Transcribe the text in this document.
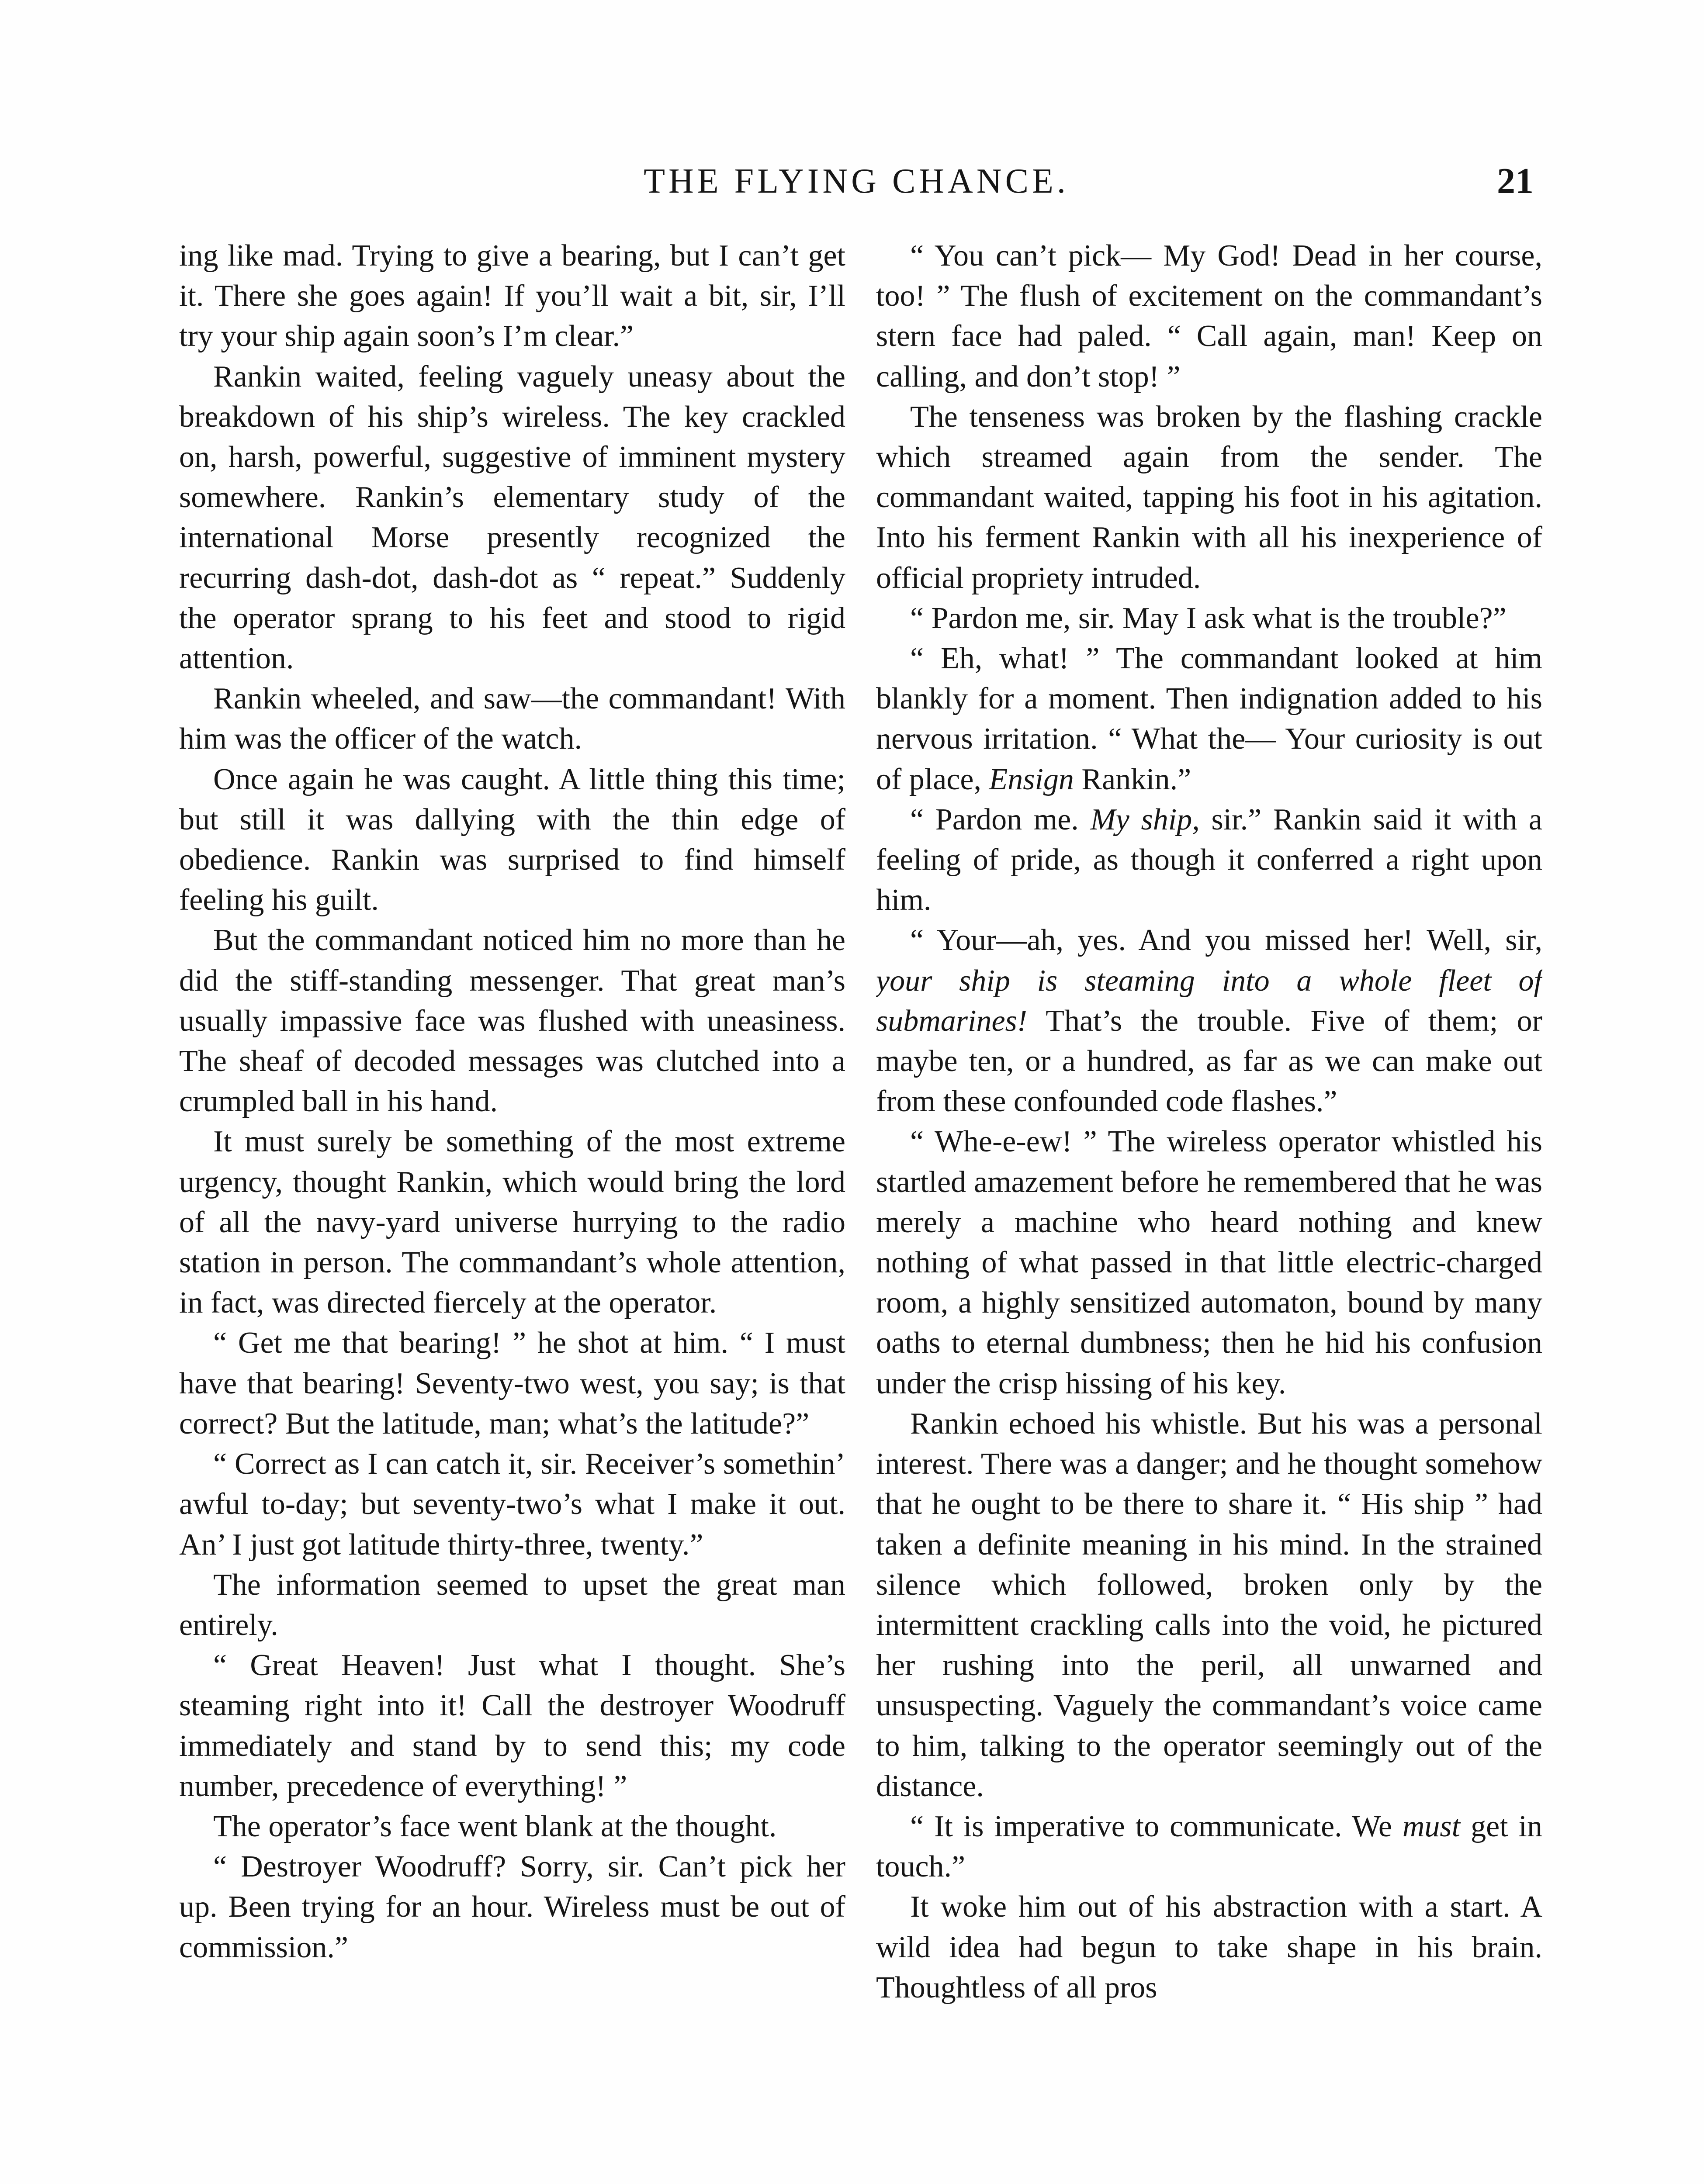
THE FLYING CHANCE.	21

ing like mad. Trying to give a bearing, but I can’t get it. There she goes again! If you’ll wait a bit, sir, I’ll try your ship again soon’s I’m clear.”

Rankin waited, feeling vaguely uneasy about the breakdown of his ship’s wireless. The key crackled on, harsh, powerful, suggestive of imminent mystery somewhere. Rankin’s elementary study of the international Morse presently recognized the recurring dash-dot, dash-dot as “ repeat.” Suddenly the operator sprang to his feet and stood to rigid attention.

Rankin wheeled, and saw—the commandant! With him was the officer of the watch.

Once again he was caught. A little thing this time; but still it was dallying with the thin edge of obedience. Rankin was surprised to find himself feeling his guilt.

But the commandant noticed him no more than he did the stiff-standing messenger. That great man’s usually impassive face was flushed with uneasiness. The sheaf of decoded messages was clutched into a crumpled ball in his hand.

It must surely be something of the most extreme urgency, thought Rankin, which would bring the lord of all the navy-yard universe hurrying to the radio station in person. The commandant’s whole attention, in fact, was directed fiercely at the operator.

“ Get me that bearing! ” he shot at him. “ I must have that bearing! Seventy-two west, you say; is that correct? But the latitude, man; what’s the latitude?”

“ Correct as I can catch it, sir. Receiver’s somethin’ awful to-day; but seventy-two’s what I make it out. An’ I just got latitude thirty-three, twenty.”

The information seemed to upset the great man entirely.

“ Great Heaven! Just what I thought. She’s steaming right into it! Call the destroyer Woodruff immediately and stand by to send this; my code number, precedence of everything! ”

The operator’s face went blank at the thought.

“ Destroyer Woodruff? Sorry, sir. Can’t pick her up. Been trying for an hour. Wireless must be out of commission.”

“ You can’t pick— My God! Dead in her course, too! ” The flush of excitement on the commandant’s stern face had paled. “ Call again, man! Keep on calling, and don’t stop! ”

The tenseness was broken by the flashing crackle which streamed again from the sender. The commandant waited, tapping his foot in his agitation. Into his ferment Rankin with all his inexperience of official propriety intruded.

“ Pardon me, sir. May I ask what is the trouble?”

“ Eh, what! ” The commandant looked at him blankly for a moment. Then indignation added to his nervous irritation. “ What the— Your curiosity is out of place, Ensign Rankin.”

“ Pardon me. My ship, sir.” Rankin said it with a feeling of pride, as though it conferred a right upon him.

“ Your—ah, yes. And you missed her! Well, sir, your ship is steaming into a whole fleet of submarines! That’s the trouble. Five of them; or maybe ten, or a hundred, as far as we can make out from these confounded code flashes.”

“ Whe-e-ew! ” The wireless operator whistled his startled amazement before he remembered that he was merely a machine who heard nothing and knew nothing of what passed in that little electric-charged room, a highly sensitized automaton, bound by many oaths to eternal dumbness; then he hid his confusion under the crisp hissing of his key.

Rankin echoed his whistle. But his was a personal interest. There was a danger; and he thought somehow that he ought to be there to share it. “ His ship ” had taken a definite meaning in his mind. In the strained silence which followed, broken only by the intermittent crackling calls into the void, he pictured her rushing into the peril, all unwarned and unsuspecting. Vaguely the commandant’s voice came to him, talking to the operator seemingly out of the distance.

“ It is imperative to communicate. We must get in touch.”

It woke him out of his abstraction with a start. A wild idea had begun to take shape in his brain. Thoughtless of all pros
